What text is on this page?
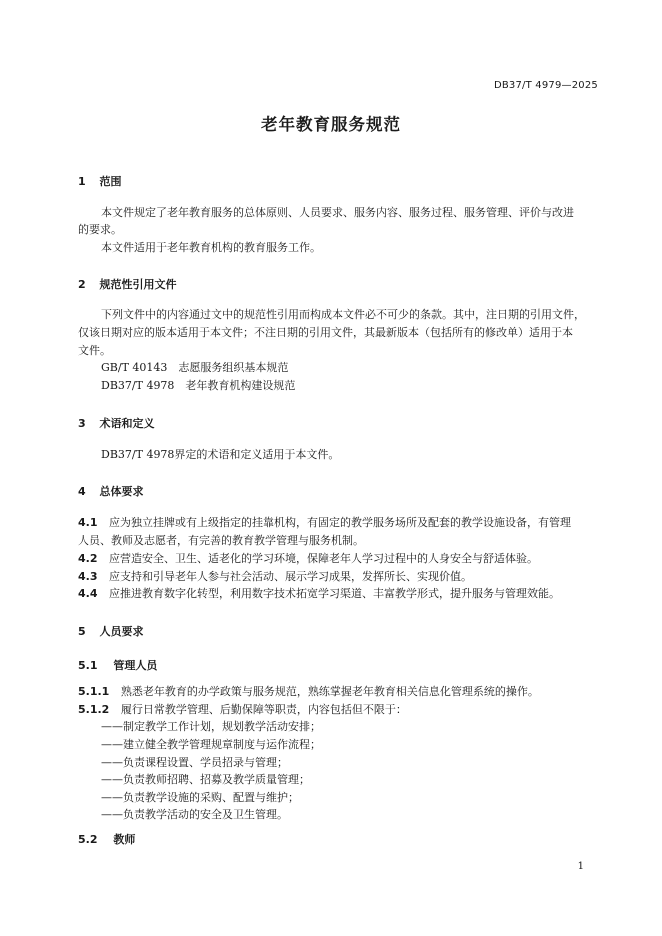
DB37/T 4979—2025
老年教育服务规范
1 范围
本文件规定了老年教育服务的总体原则、人员要求、服务内容、服务过程、服务管理、评价与改进
的要求。
本文件适用于老年教育机构的教育服务工作。
2 规范性引用文件
下列文件中的内容通过文中的规范性引用而构成本文件必不可少的条款。其中，注日期的引用文件，
仅该日期对应的版本适用于本文件；不注日期的引用文件，其最新版本（包括所有的修改单）适用于本
文件。
GB/T 40143　志愿服务组织基本规范
DB37/T 4978　老年教育机构建设规范
3 术语和定义
DB37/T 4978界定的术语和定义适用于本文件。
4 总体要求
4.1 应为独立挂牌或有上级指定的挂靠机构，有固定的教学服务场所及配套的教学设施设备，有管理
人员、教师及志愿者，有完善的教育教学管理与服务机制。
4.2 应营造安全、卫生、适老化的学习环境，保障老年人学习过程中的人身安全与舒适体验。
4.3 应支持和引导老年人参与社会活动、展示学习成果，发挥所长、实现价值。
4.4 应推进教育数字化转型，利用数字技术拓宽学习渠道、丰富教学形式，提升服务与管理效能。
5 人员要求
5.1 管理人员
5.1.1 熟悉老年教育的办学政策与服务规范，熟练掌握老年教育相关信息化管理系统的操作。
5.1.2 履行日常教学管理、后勤保障等职责，内容包括但不限于：
——制定教学工作计划，规划教学活动安排；
——建立健全教学管理规章制度与运作流程；
——负责课程设置、学员招录与管理；
——负责教师招聘、招募及教学质量管理；
——负责教学设施的采购、配置与维护；
——负责教学活动的安全及卫生管理。
5.2 教师
1
